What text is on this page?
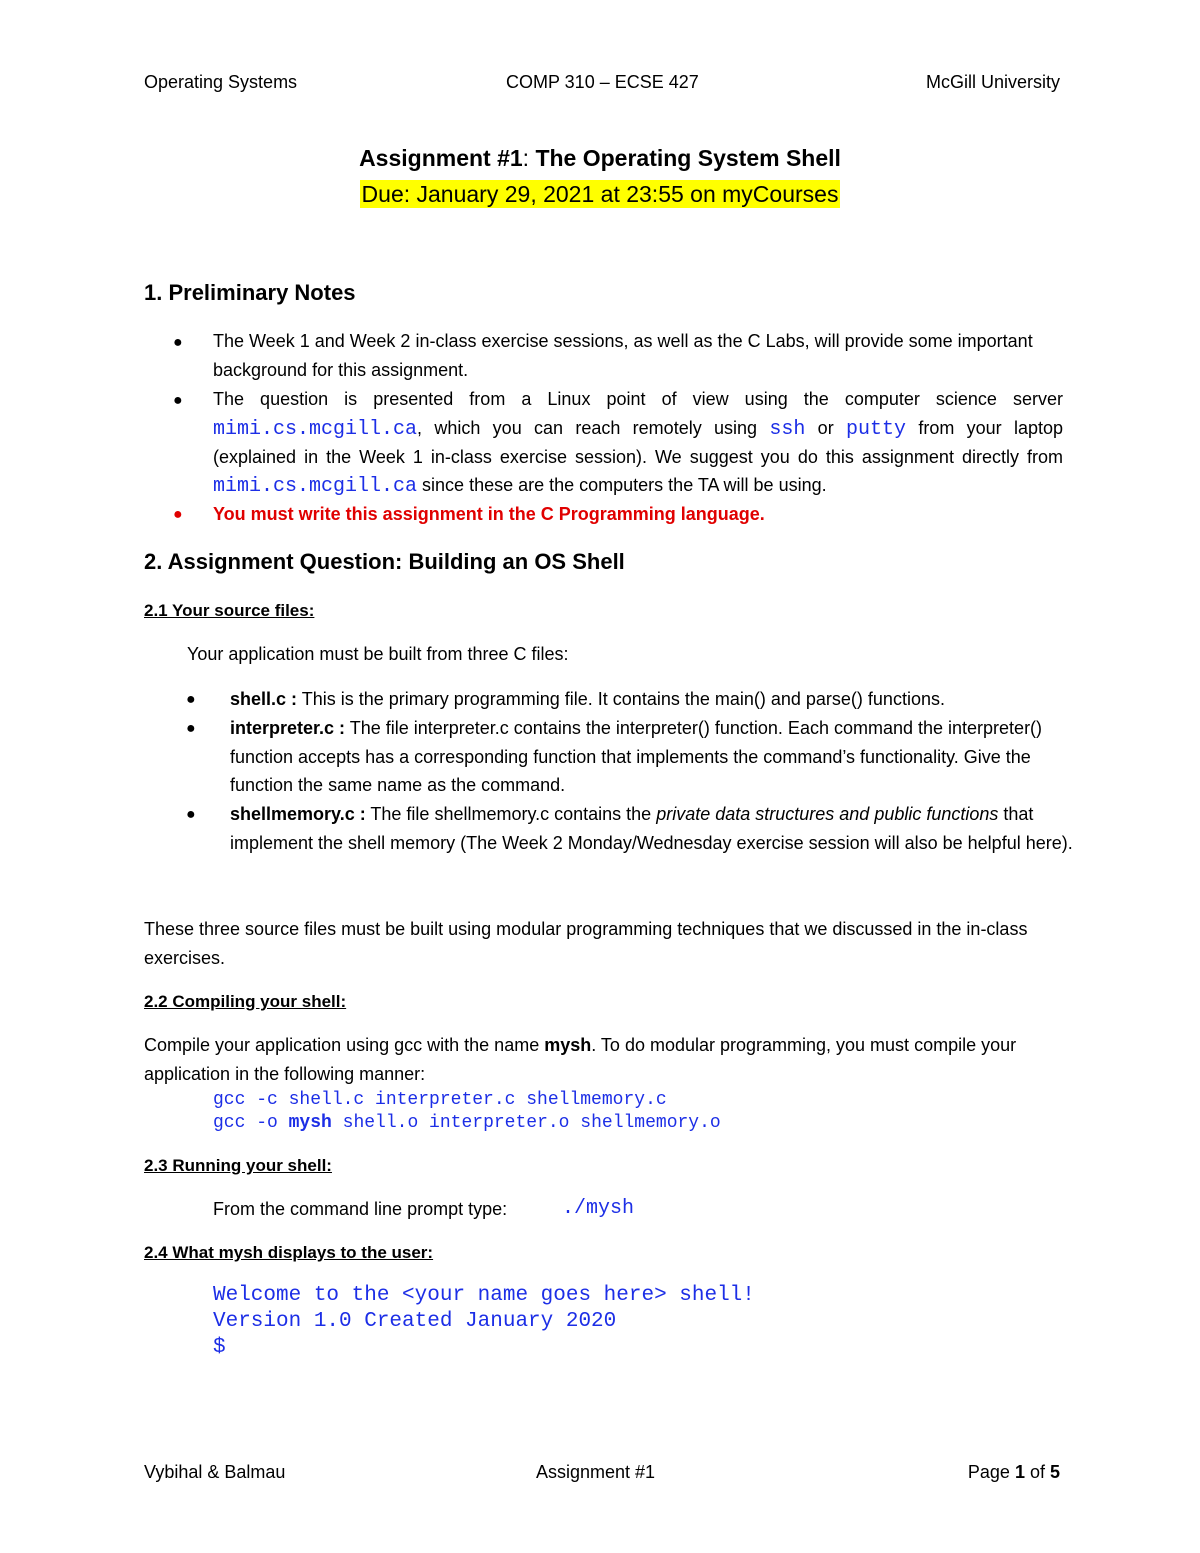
Operating Systems	COMP 310 – ECSE 427	McGill University
Assignment #1: The Operating System Shell
Due: January 29, 2021 at 23:55 on myCourses
1. Preliminary Notes
● The Week 1 and Week 2 in-class exercise sessions, as well as the C Labs, will provide some important background for this assignment.
● The question is presented from a Linux point of view using the computer science server mimi.cs.mcgill.ca, which you can reach remotely using ssh or putty from your laptop (explained in the Week 1 in-class exercise session). We suggest you do this assignment directly from mimi.cs.mcgill.ca since these are the computers the TA will be using.
● You must write this assignment in the C Programming language.
2. Assignment Question: Building an OS Shell
2.1 Your source files:
Your application must be built from three C files:
● shell.c : This is the primary programming file. It contains the main() and parse() functions.
● interpreter.c : The file interpreter.c contains the interpreter() function. Each command the interpreter() function accepts has a corresponding function that implements the command’s functionality. Give the function the same name as the command.
● shellmemory.c : The file shellmemory.c contains the private data structures and public functions that implement the shell memory (The Week 2 Monday/Wednesday exercise session will also be helpful here).
These three source files must be built using modular programming techniques that we discussed in the in-class exercises.
2.2 Compiling your shell:
Compile your application using gcc with the name mysh. To do modular programming, you must compile your application in the following manner:
gcc -c shell.c interpreter.c shellmemory.c
gcc -o mysh shell.o interpreter.o shellmemory.o
2.3 Running your shell:
From the command line prompt type:	./mysh
2.4 What mysh displays to the user:
Welcome to the <your name goes here> shell!
Version 1.0 Created January 2020
$
Vybihal & Balmau	Assignment #1	Page 1 of 5
